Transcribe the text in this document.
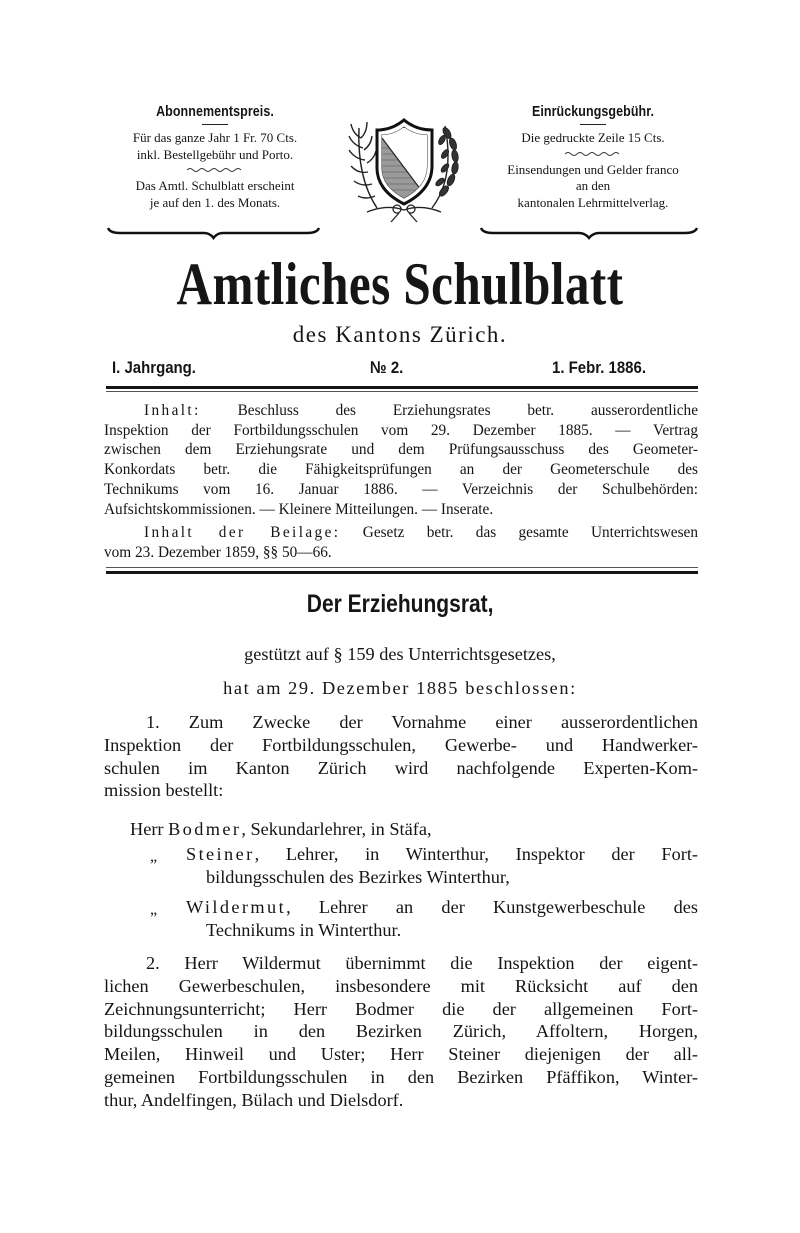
Abonnementspreis.
Für das ganze Jahr 1 Fr. 70 Cts.
inkl. Bestellgebühr und Porto.
Das Amtl. Schulblatt erscheint
je auf den 1. des Monats.
Einrückungsgebühr.
Die gedruckte Zeile 15 Cts.
Einsendungen und Gelder franco
an den
kantonalen Lehrmittelverlag.
Amtliches Schulblatt
des Kantons Zürich.
I. Jahrgang.	№ 2.	1. Febr. 1886.

Inhalt: Beschluss des Erziehungsrates betr. ausserordentliche
Inspektion der Fortbildungsschulen vom 29. Dezember 1885. — Vertrag
zwischen dem Erziehungsrate und dem Prüfungsausschuss des Geometer-
Konkordats betr. die Fähigkeitsprüfungen an der Geometerschule des
Technikums vom 16. Januar 1886. — Verzeichnis der Schulbehörden:
Aufsichtskommissionen. — Kleinere Mitteilungen. — Inserate.

Inhalt der Beilage: Gesetz betr. das gesamte Unterrichtswesen
vom 23. Dezember 1859, §§ 50—66.

Der Erziehungsrat,
gestützt auf § 159 des Unterrichtsgesetzes,
hat am 29. Dezember 1885 beschlossen:
1. Zum Zwecke der Vornahme einer ausserordentlichen
Inspektion der Fortbildungsschulen, Gewerbe- und Handwerker-
schulen im Kanton Zürich wird nachfolgende Experten-Kom-
mission bestellt:
Herr Bodmer, Sekundarlehrer, in Stäfa,
„ Steiner, Lehrer, in Winterthur, Inspektor der Fort-
bildungsschulen des Bezirkes Winterthur,
„ Wildermut, Lehrer an der Kunstgewerbeschule des
Technikums in Winterthur.
2. Herr Wildermut übernimmt die Inspektion der eigent-
lichen Gewerbeschulen, insbesondere mit Rücksicht auf den
Zeichnungsunterricht; Herr Bodmer die der allgemeinen Fort-
bildungsschulen in den Bezirken Zürich, Affoltern, Horgen,
Meilen, Hinweil und Uster; Herr Steiner diejenigen der all-
gemeinen Fortbildungsschulen in den Bezirken Pfäffikon, Winter-
thur, Andelfingen, Bülach und Dielsdorf.
